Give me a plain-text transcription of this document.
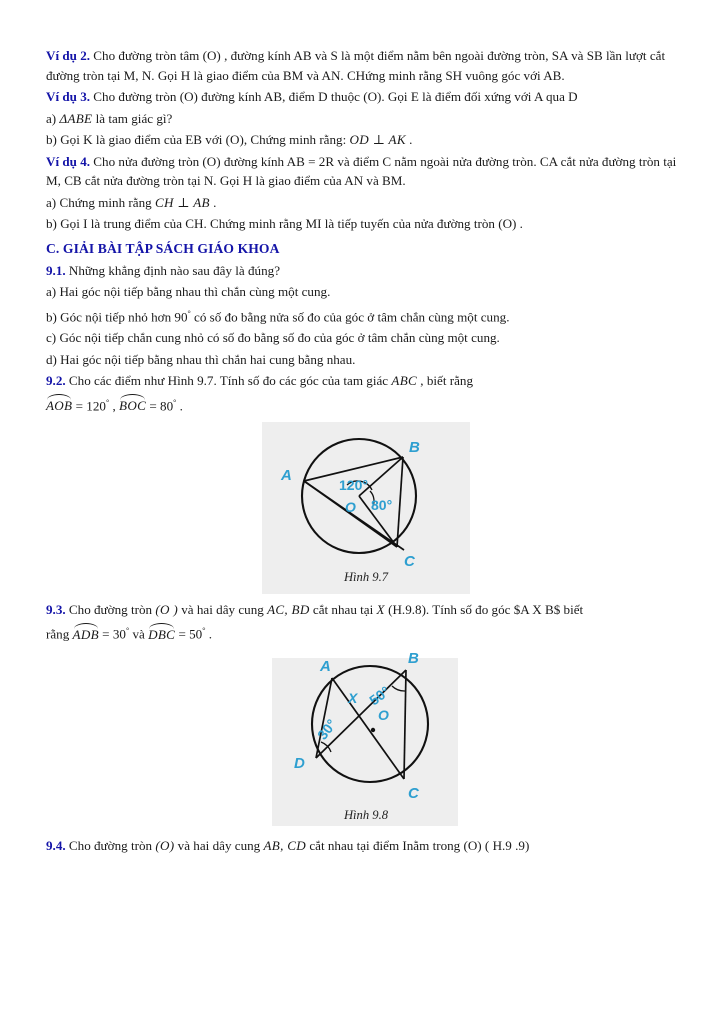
Ví dụ 2. Cho đường tròn tâm (O) , đường kính AB và S là một điểm nằm bên ngoài đường tròn, SA và SB lần lượt cắt đường tròn tại M, N. Gọi H là giao điểm của BM và AN. CHứng minh rằng SH vuông góc với AB.

Ví dụ 3. Cho đường tròn (O) đường kính AB, điểm D thuộc (O). Gọi E là điểm đối xứng với A qua D

a) ΔABE là tam giác gì?

b) Gọi K là giao điểm của EB với (O), Chứng minh rằng: OD ⊥ AK .

Ví dụ 4. Cho nửa đường tròn (O) đường kính AB = 2R và điểm C nằm ngoài nửa đường tròn. CA cắt nửa đường tròn tại M, CB cắt nửa đường tròn tại N. Gọi H là giao điểm của AN và BM.

a) Chứng minh rằng CH ⊥ AB .

b) Gọi I là trung điểm của CH. Chứng minh rằng MI là tiếp tuyến của nửa đường tròn (O) .

C. GIẢI BÀI TẬP SÁCH GIÁO KHOA

9.1. Những khẳng định nào sau đây là đúng?

a) Hai góc nội tiếp bằng nhau thì chắn cùng một cung.

b) Góc nội tiếp nhỏ hơn 90° có số đo bằng nửa số đo của góc ở tâm chắn cùng một cung.

c) Góc nội tiếp chắn cung nhỏ có số đo bằng số đo của góc ở tâm chắn cùng một cung.

d) Hai góc nội tiếp bằng nhau thì chắn hai cung bằng nhau.

9.2. Cho các điểm như Hình 9.7. Tính số đo các góc của tam giác ABC , biết rằng

AOB = 120° ,
BOC = 80° .

A
B
C
O
120°
80°
Hình 9.7

9.3. Cho đường tròn (O ) và hai dây cung AC, BD cắt nhau tại X (H.9.8). Tính số đo góc $A X B$ biết

rằng
ADB = 30° và
DBC = 50° .

A	B
C
D
X
O
30°
50°
Hình 9.8

9.4. Cho đường tròn (O) và hai dây cung AB, CD cắt nhau tại điểm Inằm trong (O) ( H.9 .9)
